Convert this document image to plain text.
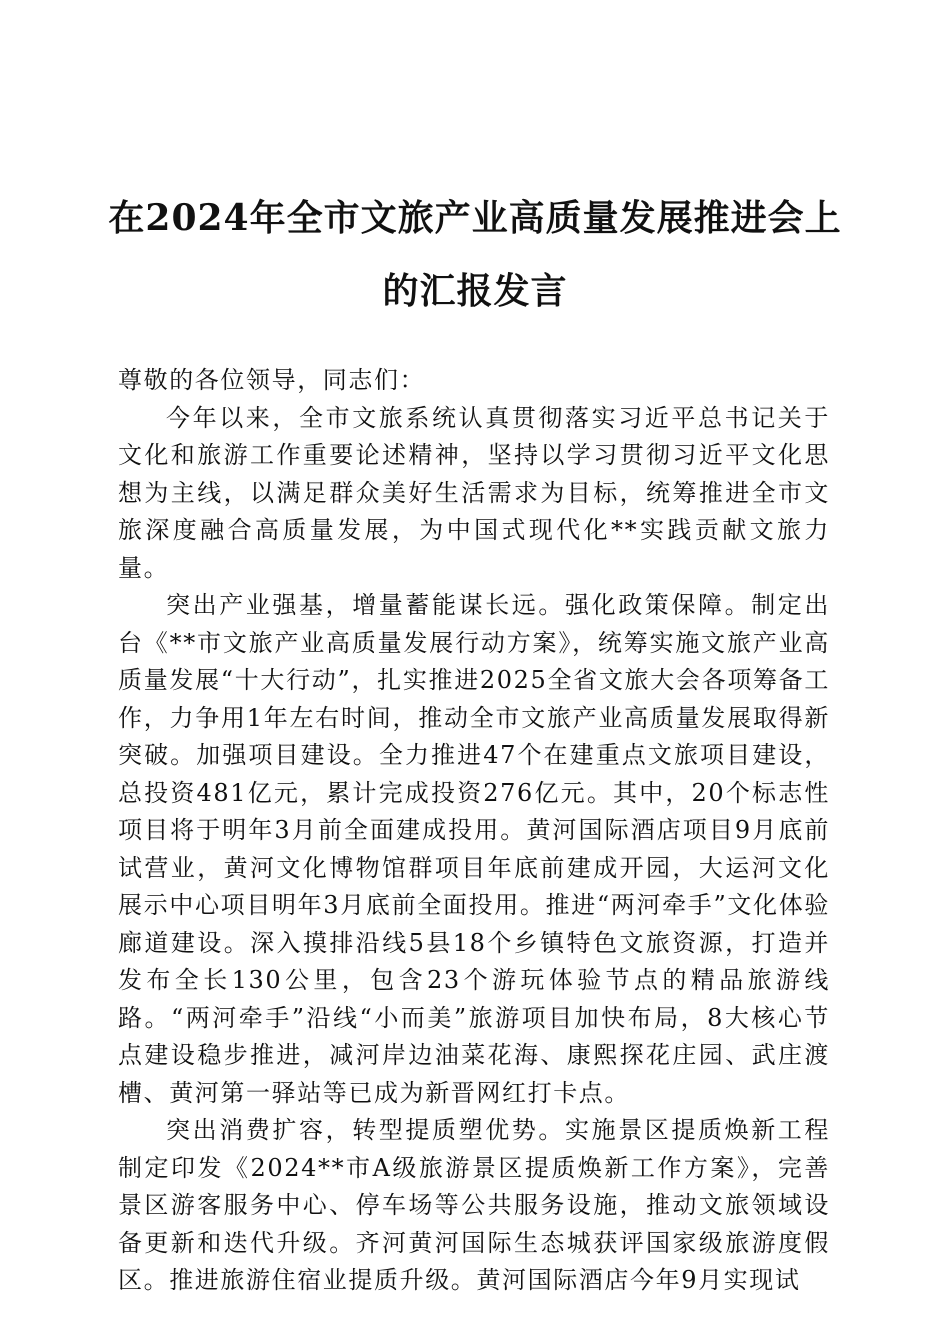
在2024年全市文旅产业高质量发展推进会上
的汇报发言

尊敬的各位领导，同志们：

今年以来，全市文旅系统认真贯彻落实习近平总书记关于文化和旅游工作重要论述精神，坚持以学习贯彻习近平文化思想为主线，以满足群众美好生活需求为目标，统筹推进全市文旅深度融合高质量发展，为中国式现代化**实践贡献文旅力量。

突出产业强基，增量蓄能谋长远。强化政策保障。制定出台《**市文旅产业高质量发展行动方案》，统筹实施文旅产业高质量发展“十大行动”，扎实推进2025全省文旅大会各项筹备工作，力争用1年左右时间，推动全市文旅产业高质量发展取得新突破。加强项目建设。全力推进47个在建重点文旅项目建设，总投资481亿元，累计完成投资276亿元。其中，20个标志性项目将于明年3月前全面建成投用。黄河国际酒店项目9月底前试营业，黄河文化博物馆群项目年底前建成开园，大运河文化展示中心项目明年3月底前全面投用。推进“两河牵手”文化体验廊道建设。深入摸排沿线5县18个乡镇特色文旅资源，打造并发布全长130公里，包含23个游玩体验节点的精品旅游线路。“两河牵手”沿线“小而美”旅游项目加快布局，8大核心节点建设稳步推进，减河岸边油菜花海、康熙探花庄园、武庄渡槽、黄河第一驿站等已成为新晋网红打卡点。

突出消费扩容，转型提质塑优势。实施景区提质焕新工程制定印发《2024**市A级旅游景区提质焕新工作方案》，完善景区游客服务中心、停车场等公共服务设施，推动文旅领域设备更新和迭代升级。齐河黄河国际生态城获评国家级旅游度假区。推进旅游住宿业提质升级。黄河国际酒店今年9月实现试
